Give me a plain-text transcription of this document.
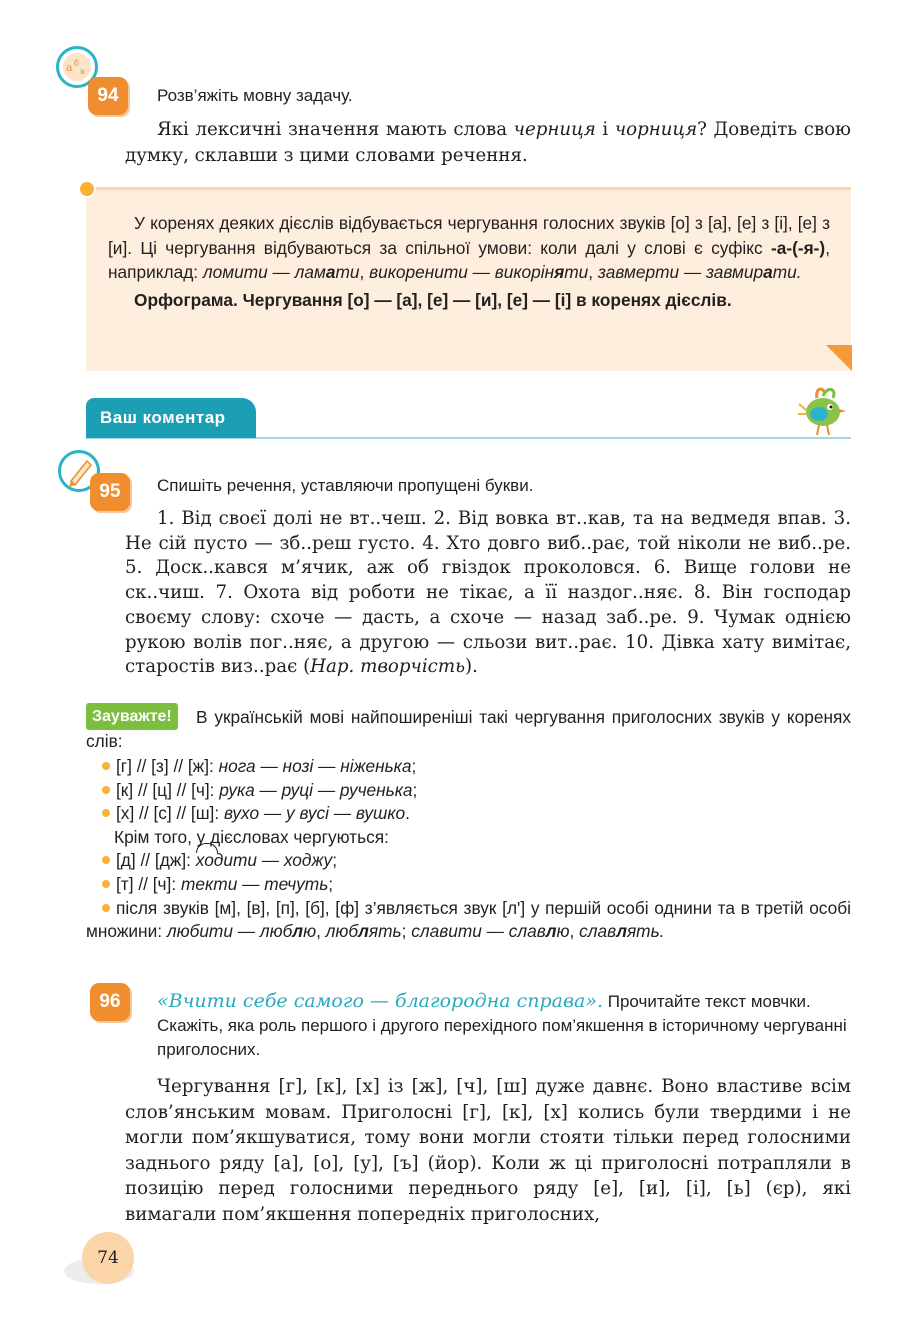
a б
в
94	Розв’яжіть мовну задачу.

Які лексичні значення мають слова черниця і чорниця? Доведіть свою думку, склавши з цими словами речення.

У коренях деяких дієслів відбувається чергування голосних звуків [о] з [а], [е] з [і], [е] з [и]. Ці чергування відбуваються за спільної умови: коли далі у слові є суфікс -а-(-я-), наприклад: ломити — ламати, викоренити — викоріняти, завмерти — завмирати.

Орфограма. Чергування [о] — [а], [е] — [и], [е] — [і] в коренях дієслів.

Ваш коментар
95	Спишіть речення, уставляючи пропущені букви.

1. Від своєї долі не вт..чеш. 2. Від вовка вт..кав, та на ведмедя впав. 3. Не сій пусто — зб..реш густо. 4. Хто довго виб..рає, той ніколи не виб..ре. 5. Доск..кався м’ячик, аж об гвіздок проколовся. 6. Вище голови не ск..чиш. 7. Охота від роботи не тікає, а її наздог..няє. 8. Він господар своєму слову: схоче — дасть, а схоче — назад заб..ре. 9. Чумак однією рукою волів пог..няє, а другою — сльози вит..рає. 10. Дівка хату вимітає, старостів виз..рає (Нар. творчість).

В українській мові найпоширеніші такі чергування приголосних звуків у коренях слів:

Зауважте!
[г] // [з] // [ж]: нога — нозі — ніженька;
[к] // [ц] // [ч]: рука — руці — рученька;
[х] // [с] // [ш]: вухо — у вусі — вушко.
Крім того, у дієсловах чергуються:
[д] // [дж]: ходити — ходжу;
[т] // [ч]: текти — течуть;
після звуків [м], [в], [п], [б], [ф] з’являється звук [л'] у першій особі однини та в третій особі множини: любити — люблю, люблять; славити — славлю, славлять.
96	«Вчити себе самого — благородна справа». Прочитайте текст мовчки. Скажіть, яка роль першого і другого перехідного пом’якшення в історичному чергуванні приголосних.

Чергування [г], [к], [х] із [ж], [ч], [ш] дуже давнє. Воно властиве всім слов’янським мовам. Приголосні [г], [к], [х] колись були твердими і не могли пом’якшуватися, тому вони могли стояти тільки перед голосними заднього ряду [а], [о], [у], [ъ] (йор). Коли ж ці приголосні потрапляли в позицію перед голосними переднього ряду [е], [и], [і], [ь] (єр), які вимагали пом’якшення попередніх приголосних,

74
